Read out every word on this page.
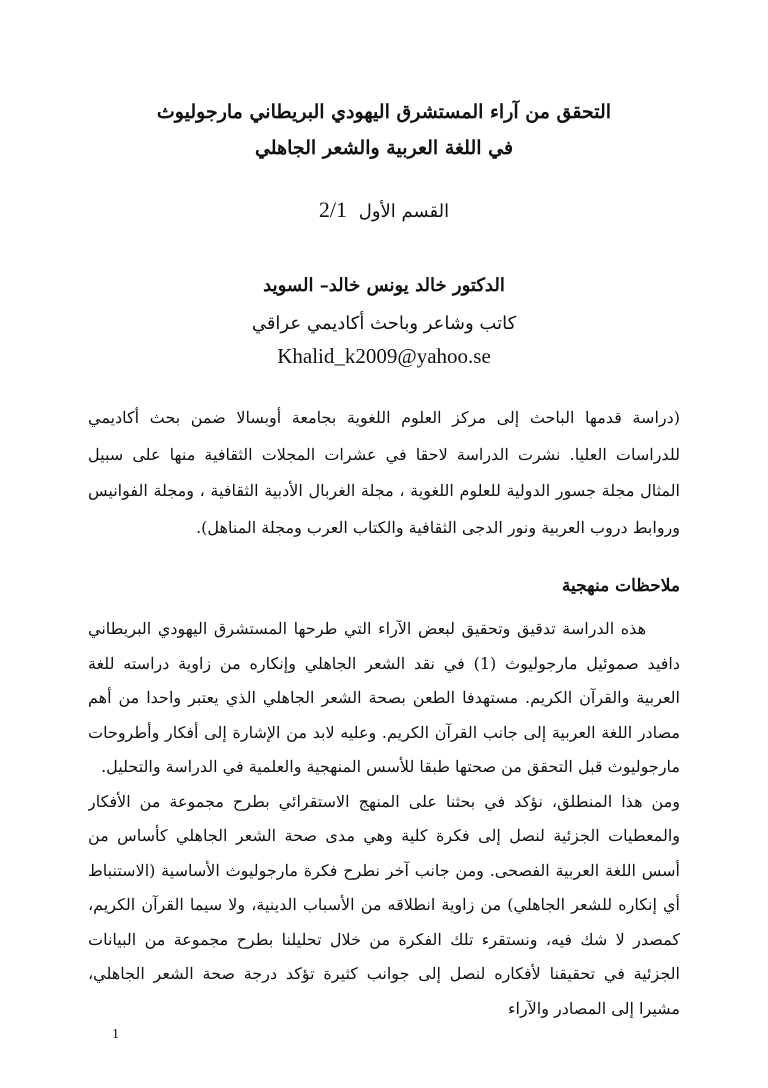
التحقق من آراء المستشرق اليهودي البريطاني مارجوليوث
في اللغة العربية والشعر الجاهلي
القسم الأول 2/1
الدكتور خالد يونس خالد– السويد
كاتب وشاعر وباحث أكاديمي عراقي
Khalid_k2009@yahoo.se
(دراسة قدمها الباحث إلى مركز العلوم اللغوية بجامعة أوبسالا ضمن بحث أكاديمي للدراسات العليا. نشرت الدراسة لاحقا في عشرات المجلات الثقافية منها على سبيل المثال مجلة جسور الدولية للعلوم اللغوية ، مجلة الغربال الأدبية الثقافية ، ومجلة الفوانيس وروابط دروب العربية ونور الدجى الثقافية والكتاب العرب ومجلة المناهل).
ملاحظات منهجية

هذه الدراسة تدقيق وتحقيق لبعض الآراء التي طرحها المستشرق اليهودي البريطاني دافيد صموئيل مارجوليوث (1) في نقد الشعر الجاهلي وإنكاره من زاوية دراسته للغة العربية والقرآن الكريم. مستهدفا الطعن بصحة الشعر الجاهلي الذي يعتبر واحدا من أهم مصادر اللغة العربية إلى جانب القرآن الكريم. وعليه لابد من الإشارة إلى أفكار وأطروحات مارجوليوث قبل التحقق من صحتها طبقا للأسس المنهجية والعلمية في الدراسة والتحليل.

ومن هذا المنطلق، نؤكد في بحثنا على المنهج الاستقرائي بطرح مجموعة من الأفكار والمعطيات الجزئية لنصل إلى فكرة كلية وهي مدى صحة الشعر الجاهلي كأساس من أسس اللغة العربية الفصحى. ومن جانب آخر نطرح فكرة مارجوليوث الأساسية (الاستنباط أي إنكاره للشعر الجاهلي) من زاوية انطلاقه من الأسباب الدينية، ولا سيما القرآن الكريم، كمصدر لا شك فيه، ونستقرء تلك الفكرة من خلال تحليلنا بطرح مجموعة من البيانات الجزئية في تحقيقنا لأفكاره لنصل إلى جوانب كثيرة تؤكد درجة صحة الشعر الجاهلي، مشيرا إلى المصادر والآراء

1
